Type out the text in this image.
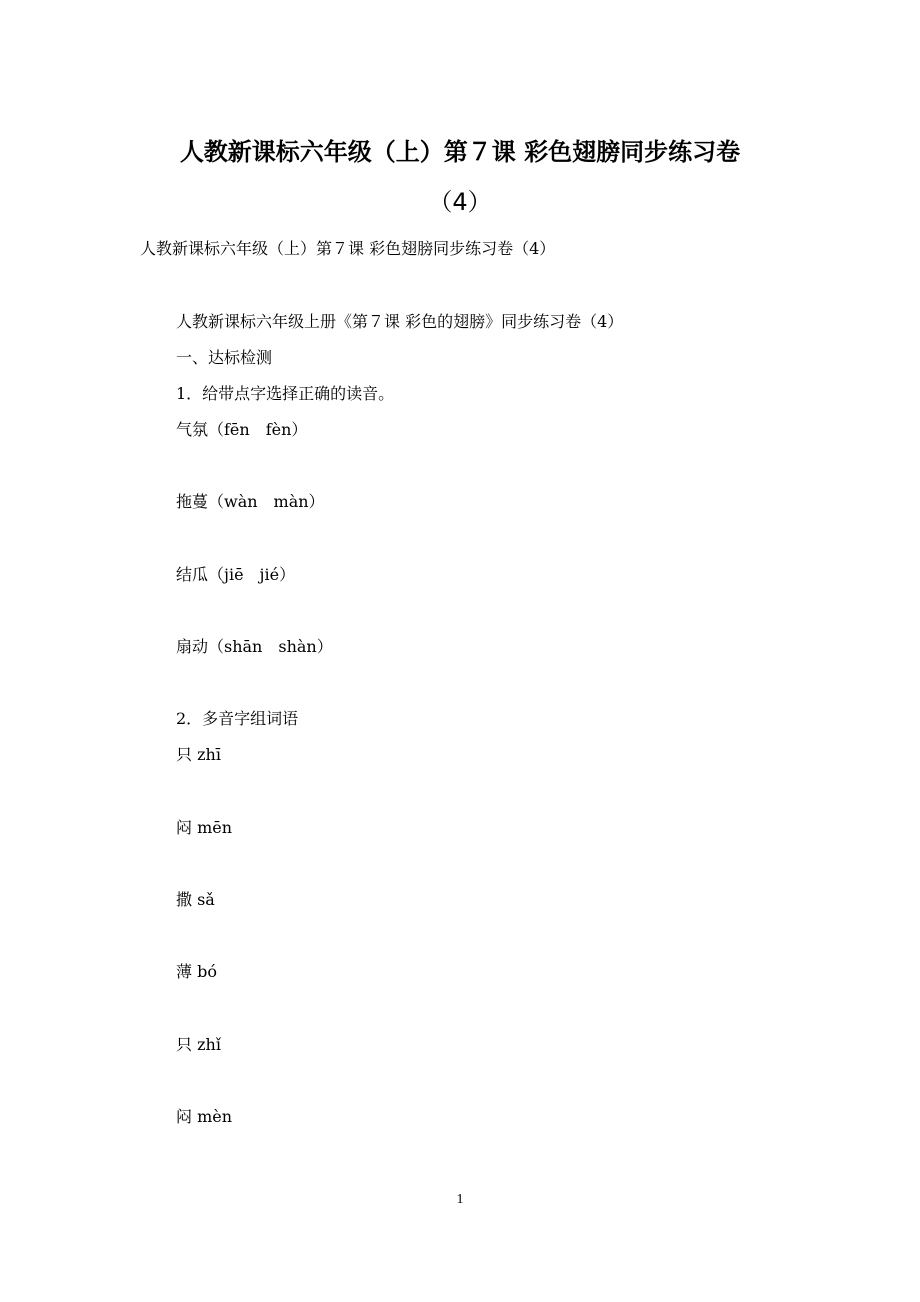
人教新课标六年级（上）第７课 彩色翅膀同步练习卷
（4）
人教新课标六年级（上）第７课 彩色翅膀同步练习卷（4）
人教新课标六年级上册《第７课 彩色的翅膀》同步练习卷（4）
一、达标检测
1．给带点字选择正确的读音。
气氛（fēn　fèn）
拖蔓（wàn　màn）
结瓜（jiē　jié）
扇动（shān　shàn）
2．多音字组词语
只 zhī
闷 mēn
撒 sǎ
薄 bó
只 zhǐ
闷 mèn
1
